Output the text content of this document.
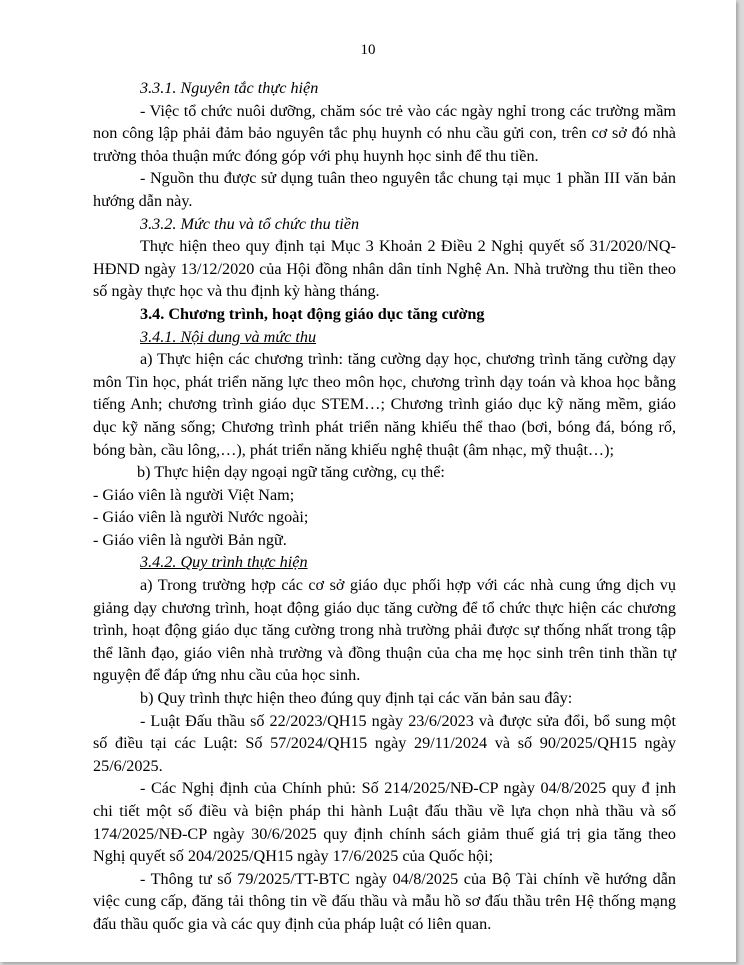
10

3.3.1. Nguyên tắc thực hiện

- Việc tổ chức nuôi dưỡng, chăm sóc trẻ vào các ngày nghỉ trong các trường mầm non công lập phải đảm bảo nguyên tắc phụ huynh có nhu cầu gửi con, trên cơ sở đó nhà trường thỏa thuận mức đóng góp với phụ huynh học sinh để thu tiền.

- Nguồn thu được sử dụng tuân theo nguyên tắc chung tại mục 1 phần III văn bản hướng dẫn này.

3.3.2. Mức thu và tổ chức thu tiền

Thực hiện theo quy định tại Mục 3 Khoản 2 Điều 2 Nghị quyết số 31/2020/NQ-HĐND ngày 13/12/2020 của Hội đồng nhân dân tỉnh Nghệ An. Nhà trường thu tiền theo số ngày thực học và thu định kỳ hàng tháng.

3.4. Chương trình, hoạt động giáo dục tăng cường

3.4.1. Nội dung và mức thu

a) Thực hiện các chương trình: tăng cường dạy học, chương trình tăng cường dạy môn Tin học, phát triển năng lực theo môn học, chương trình dạy toán và khoa học bằng tiếng Anh; chương trình giáo dục STEM…; Chương trình giáo dục kỹ năng mềm, giáo dục kỹ năng sống; Chương trình phát triển năng khiếu thể thao (bơi, bóng đá, bóng rổ, bóng bàn, cầu lông,…), phát triển năng khiếu nghệ thuật (âm nhạc, mỹ thuật…);

b) Thực hiện dạy ngoại ngữ tăng cường, cụ thể:

- Giáo viên là người Việt Nam;

- Giáo viên là người Nước ngoài;

- Giáo viên là người Bản ngữ.

3.4.2. Quy trình thực hiện

a) Trong trường hợp các cơ sở giáo dục phối hợp với các nhà cung ứng dịch vụ giảng dạy chương trình, hoạt động giáo dục tăng cường để tổ chức thực hiện các chương trình, hoạt động giáo dục tăng cường trong nhà trường phải được sự thống nhất trong tập thể lãnh đạo, giáo viên nhà trường và đồng thuận của cha mẹ học sinh trên tinh thần tự nguyện để đáp ứng nhu cầu của học sinh.

b) Quy trình thực hiện theo đúng quy định tại các văn bản sau đây:

- Luật Đấu thầu số 22/2023/QH15 ngày 23/6/2023 và được sửa đổi, bổ sung một số điều tại các Luật: Số 57/2024/QH15 ngày 29/11/2024 và số 90/2025/QH15 ngày 25/6/2025.

- Các Nghị định của Chính phủ: Số 214/2025/NĐ-CP ngày 04/8/2025 quy đ ịnh chi tiết một số điều và biện pháp thi hành Luật đấu thầu về lựa chọn nhà thầu và số 174/2025/NĐ-CP ngày 30/6/2025 quy định chính sách giảm thuế giá trị gia tăng theo Nghị quyết số 204/2025/QH15 ngày 17/6/2025 của Quốc hội;

- Thông tư số 79/2025/TT-BTC ngày 04/8/2025 của Bộ Tài chính về hướng dẫn việc cung cấp, đăng tải thông tin về đấu thầu và mẫu hồ sơ đấu thầu trên Hệ thống mạng đấu thầu quốc gia và các quy định của pháp luật có liên quan.
